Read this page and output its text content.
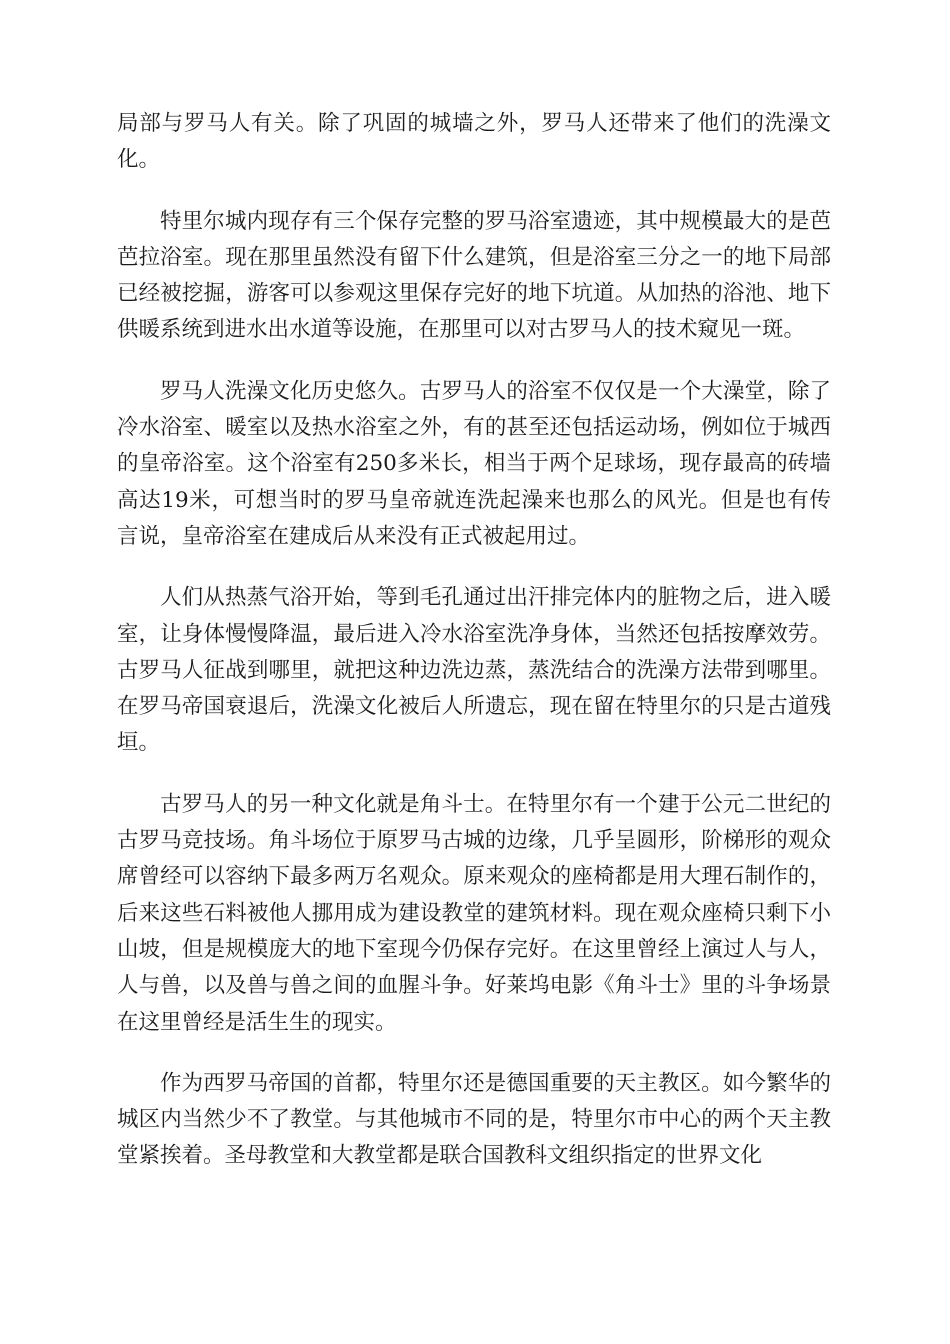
局部与罗马人有关。除了巩固的城墙之外，罗马人还带来了他们的洗澡文化。

特里尔城内现存有三个保存完整的罗马浴室遗迹，其中规模最大的是芭芭拉浴室。现在那里虽然没有留下什么建筑，但是浴室三分之一的地下局部已经被挖掘，游客可以参观这里保存完好的地下坑道。从加热的浴池、地下供暖系统到进水出水道等设施，在那里可以对古罗马人的技术窥见一斑。

罗马人洗澡文化历史悠久。古罗马人的浴室不仅仅是一个大澡堂，除了冷水浴室、暖室以及热水浴室之外，有的甚至还包括运动场，例如位于城西的皇帝浴室。这个浴室有250多米长，相当于两个足球场，现存最高的砖墙高达19米，可想当时的罗马皇帝就连洗起澡来也那么的风光。但是也有传言说，皇帝浴室在建成后从来没有正式被起用过。

人们从热蒸气浴开始，等到毛孔通过出汗排完体内的脏物之后，进入暖室，让身体慢慢降温，最后进入冷水浴室洗净身体，当然还包括按摩效劳。古罗马人征战到哪里，就把这种边洗边蒸，蒸洗结合的洗澡方法带到哪里。在罗马帝国衰退后，洗澡文化被后人所遗忘，现在留在特里尔的只是古道残垣。

古罗马人的另一种文化就是角斗士。在特里尔有一个建于公元二世纪的古罗马竞技场。角斗场位于原罗马古城的边缘，几乎呈圆形，阶梯形的观众席曾经可以容纳下最多两万名观众。原来观众的座椅都是用大理石制作的，后来这些石料被他人挪用成为建设教堂的建筑材料。现在观众座椅只剩下小山坡，但是规模庞大的地下室现今仍保存完好。在这里曾经上演过人与人，人与兽，以及兽与兽之间的血腥斗争。好莱坞电影《角斗士》里的斗争场景在这里曾经是活生生的现实。

作为西罗马帝国的首都，特里尔还是德国重要的天主教区。如今繁华的城区内当然少不了教堂。与其他城市不同的是，特里尔市中心的两个天主教堂紧挨着。圣母教堂和大教堂都是联合国教科文组织指定的世界文化
